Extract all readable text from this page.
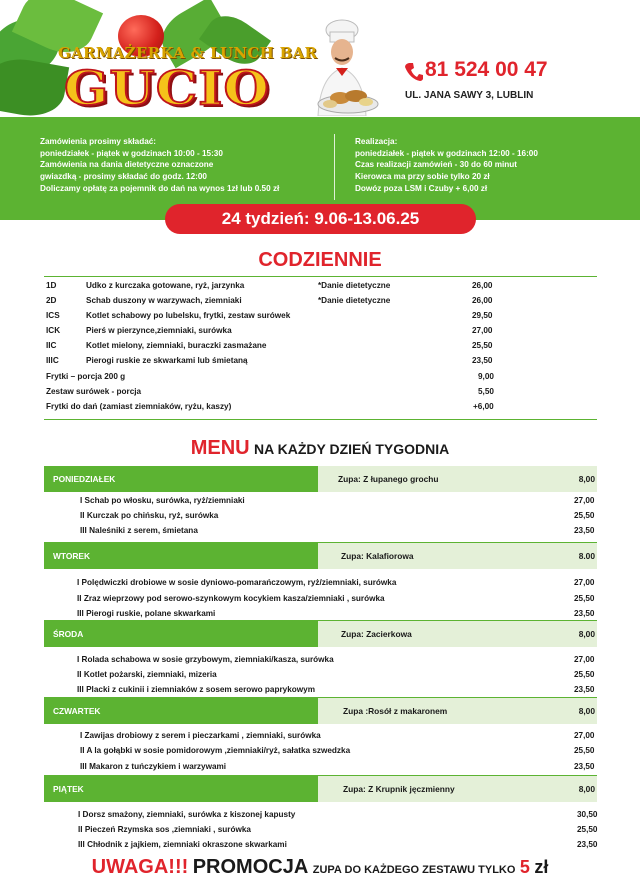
GARMAŻERKA & LUNCH BAR
GUCIO	81 524 00 47
UL. JANA SAWY 3, LUBLIN
Zamówienia prosimy składać:
poniedziałek - piątek w godzinach 10:00 - 15:30
Zamówienia na dania dietetyczne oznaczone
gwiazdką - prosimy składać do godz. 12:00
Doliczamy opłatę za pojemnik do dań na wynos 1zł lub 0.50 zł
Realizacja:
poniedziałek - piątek w godzinach 12:00 - 16:00
Czas realizacji zamówień - 30 do 60 minut
Kierowca ma przy sobie tylko 20 zł
Dowóz poza LSM i Czuby + 6,00 zł
24 tydzień: 9.06-13.06.25
CODZIENNIE
1D	Udko z kurczaka gotowane, ryż, jarzynka	*Danie dietetyczne	26,00
2D	Schab duszony w warzywach, ziemniaki	*Danie dietetyczne	26,00
ICS	Kotlet schabowy po lubelsku, frytki, zestaw surówek	29,50
ICK	Pierś w pierzynce,ziemniaki, surówka	27,00
IIC	Kotlet mielony, ziemniaki, buraczki zasmażane	25,50
IIIC	Pierogi ruskie ze skwarkami lub śmietaną	23,50
Frytki – porcja 200 g	9,00
Zestaw surówek - porcja	5,50
Frytki do dań (zamiast ziemniaków, ryżu, kaszy)	+6,00
MENU NA KAŻDY DZIEŃ TYGODNIA
PONIEDZIAŁEK	Zupa: Z łupanego grochu	8,00
I Schab po włosku, surówka, ryż/ziemniaki	27,00
II Kurczak po chińsku, ryż, surówka	25,50
III Naleśniki z serem, śmietana	23,50
WTOREK	Zupa: Kalafiorowa	8.00
I Polędwiczki drobiowe w sosie dyniowo-pomarańczowym, ryż/ziemniaki, surówka	27,00
II Zraz wieprzowy pod serowo-szynkowym kocykiem kasza/ziemniaki , surówka	25,50
III Pierogi ruskie, polane skwarkami	23,50
ŚRODA	Zupa: Zacierkowa	8,00
I Rolada schabowa w sosie grzybowym, ziemniaki/kasza, surówka	27,00
II Kotlet pożarski, ziemniaki, mizeria	25,50
III Placki z cukinii i ziemniaków z sosem serowo paprykowym	23,50
CZWARTEK	Zupa :Rosół z makaronem	8,00
I Zawijas drobiowy z serem i pieczarkami , ziemniaki, surówka	27,00
II A la gołąbki w sosie pomidorowym ,ziemniaki/ryż, sałatka szwedzka	25,50
III Makaron z tuńczykiem i warzywami	23,50
PIĄTEK	Zupa: Z Krupnik jęczmienny	8,00
I Dorsz smażony, ziemniaki, surówka z kiszonej kapusty	30,50
II Pieczeń Rzymska sos ,ziemniaki , surówka	25,50
III Chłodnik z jajkiem, ziemniaki okraszone skwarkami	23,50
UWAGA!!! PROMOCJA ZUPA DO KAŻDEGO ZESTAWU TYLKO 5 zł
